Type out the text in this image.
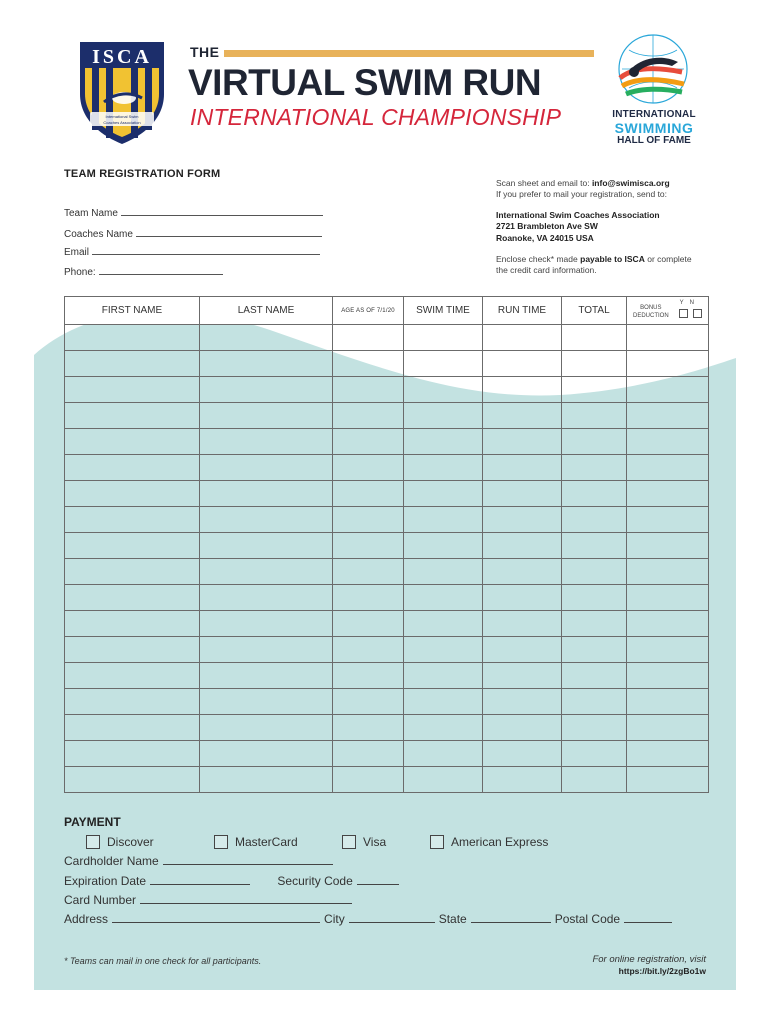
International Swim
Coaches Association
ISCA
INTERNATIONAL
SWIMMING
HALL OF FAME
THE
VIRTUAL SWIM RUN
INTERNATIONAL CHAMPIONSHIP
TEAM REGISTRATION FORM
Team Name
Coaches Name
Email
Phone:
Scan sheet and email to: info@swimisca.org
If you prefer to mail your registration, send to:
International Swim Coaches Association
2721 Brambleton Ave SW
Roanoke, VA 24015 USA
Enclose check* made payable to ISCA or complete
the credit card information.
FIRST NAME	LAST NAME	AGE AS OF 7/1/20	SWIM TIME	RUN TIME	TOTAL	BONUS
DEDUCTION
YN

PAYMENT
Discover	MasterCard	Visa	American Express
Cardholder Name
Expiration Date	Security Code
Card Number
Address	City	State	Postal Code
* Teams can mail in one check for all participants.	For online registration, visit
https://bit.ly/2zgBo1w
